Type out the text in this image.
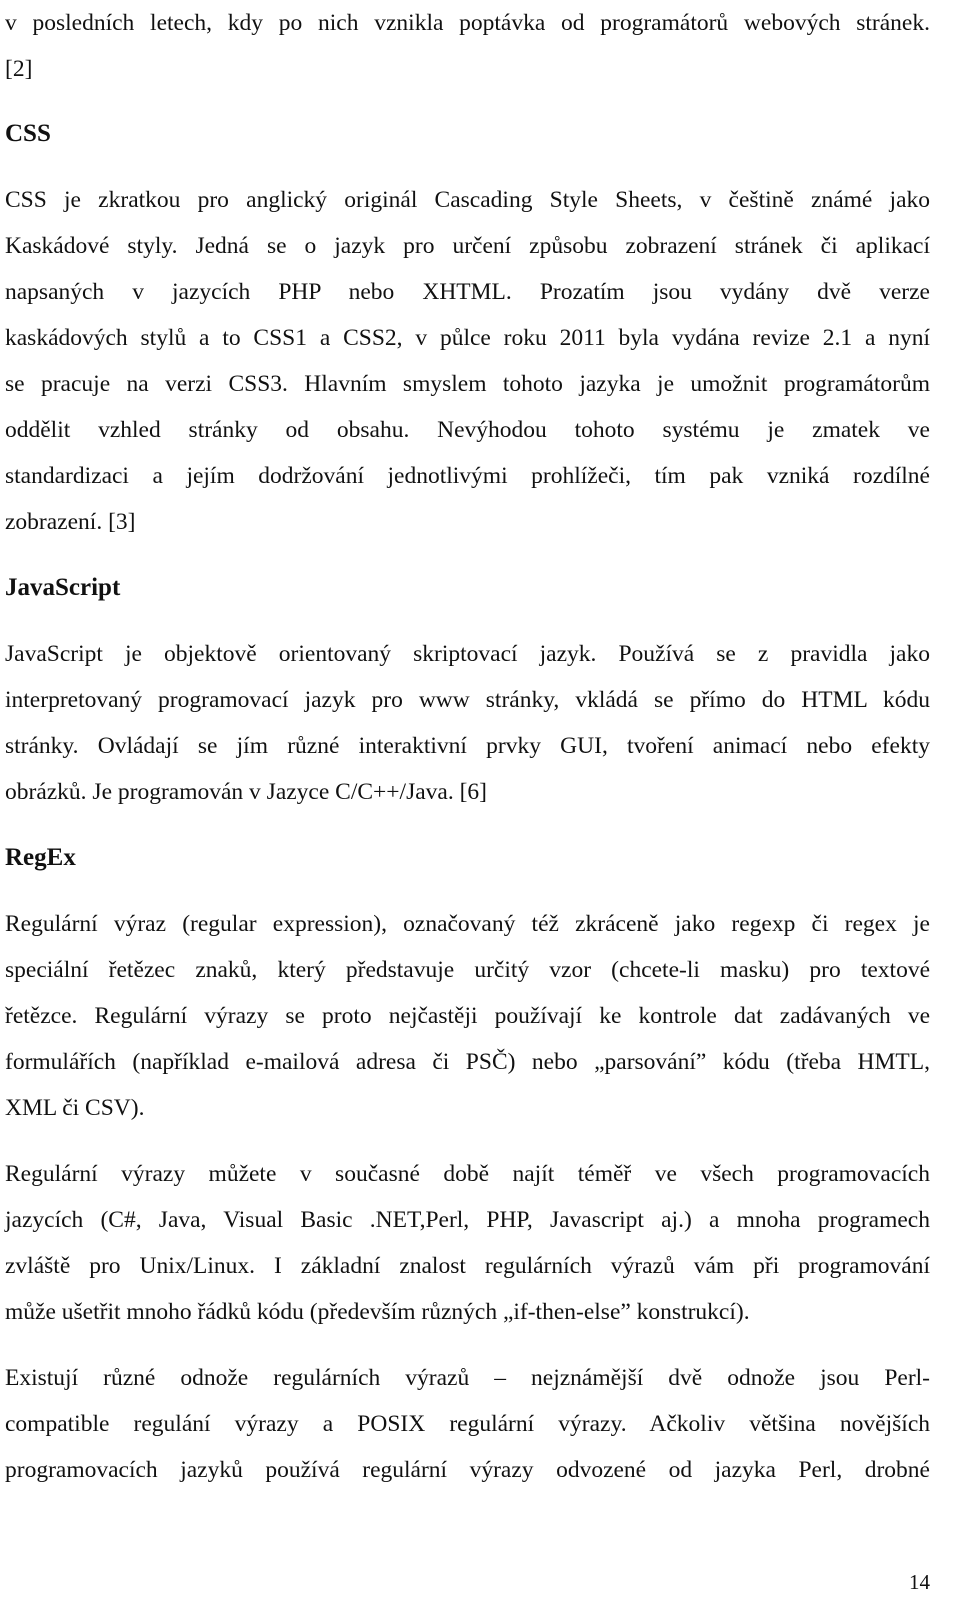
v posledních letech, kdy po nich vznikla poptávka od programátorů webových stránek.

[2]

CSS

CSS je zkratkou pro anglický originál Cascading Style Sheets, v češtině známé jako

Kaskádové styly. Jedná se o jazyk pro určení způsobu zobrazení stránek či aplikací

napsaných v jazycích PHP nebo XHTML. Prozatím jsou vydány dvě verze

kaskádových stylů a to CSS1 a CSS2, v půlce roku 2011 byla vydána revize 2.1 a nyní

se pracuje na verzi CSS3. Hlavním smyslem tohoto jazyka je umožnit programátorům

oddělit vzhled stránky od obsahu. Nevýhodou tohoto systému je zmatek ve

standardizaci a jejím dodržování jednotlivými prohlížeči, tím pak vzniká rozdílné

zobrazení. [3]

JavaScript

JavaScript je objektově orientovaný skriptovací jazyk. Používá se z pravidla jako

interpretovaný programovací jazyk pro www stránky, vkládá se přímo do HTML kódu

stránky. Ovládají se jím různé interaktivní prvky GUI, tvoření animací nebo efekty

obrázků. Je programován v Jazyce C/C++/Java. [6]

RegEx

Regulární výraz (regular expression), označovaný též zkráceně jako regexp či regex je

speciální řetězec znaků, který představuje určitý vzor (chcete-li masku) pro textové

řetězce. Regulární výrazy se proto nejčastěji používají ke kontrole dat zadávaných ve

formulářích (například e-mailová adresa či PSČ) nebo „parsování” kódu (třeba HMTL,

XML či CSV).

Regulární výrazy můžete v současné době najít téměř ve všech programovacích

jazycích (C#, Java, Visual Basic .NET,Perl, PHP, Javascript aj.) a mnoha programech

zvláště pro Unix/Linux. I základní znalost regulárních výrazů vám při programování

může ušetřit mnoho řádků kódu (především různých „if-then-else” konstrukcí).

Existují různé odnože regulárních výrazů – nejznámější dvě odnože jsou Perl-

compatible regulání výrazy a POSIX regulární výrazy. Ačkoliv většina novějších

programovacích jazyků používá regulární výrazy odvozené od jazyka Perl, drobné

14
